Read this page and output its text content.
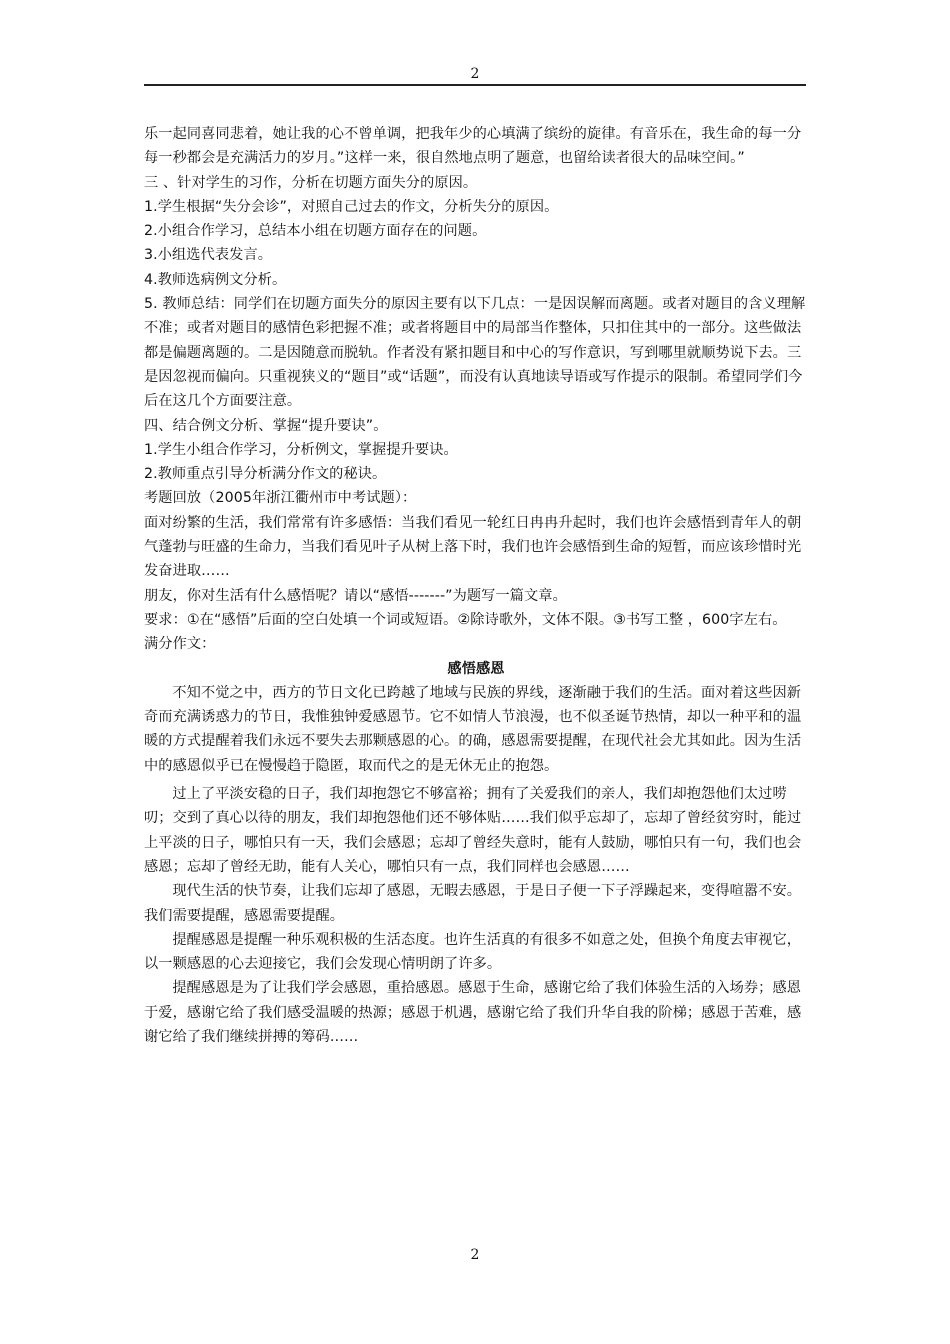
2

乐一起同喜同悲着，她让我的心不曾单调，把我年少的心填满了缤纷的旋律。有音乐在，我生命的每一分每一秒都会是充满活力的岁月。”这样一来，很自然地点明了题意，也留给读者很大的品味空间。”

三 、针对学生的习作，分析在切题方面失分的原因。

1.学生根据“失分会诊”，对照自己过去的作文，分析失分的原因。

2.小组合作学习，总结本小组在切题方面存在的问题。

3.小组选代表发言。

4.教师选病例文分析。

5. 教师总结：同学们在切题方面失分的原因主要有以下几点：一是因误解而离题。或者对题目的含义理解不准；或者对题目的感情色彩把握不准；或者将题目中的局部当作整体，只扣住其中的一部分。这些做法都是偏题离题的。二是因随意而脱轨。作者没有紧扣题目和中心的写作意识，写到哪里就顺势说下去。三是因忽视而偏向。只重视狭义的“题目”或“话题”，而没有认真地读导语或写作提示的限制。希望同学们今后在这几个方面要注意。

四、结合例文分析、掌握“提升要诀”。

1.学生小组合作学习，分析例文，掌握提升要诀。

2.教师重点引导分析满分作文的秘诀。

考题回放（2005年浙江衢州市中考试题）：

面对纷繁的生活，我们常常有许多感悟：当我们看见一轮红日冉冉升起时，我们也许会感悟到青年人的朝气蓬勃与旺盛的生命力，当我们看见叶子从树上落下时，我们也许会感悟到生命的短暂，而应该珍惜时光发奋进取……

朋友，你对生活有什么感悟呢？请以“感悟-------”为题写一篇文章。

要求：①在“感悟”后面的空白处填一个词或短语。②除诗歌外，文体不限。③书写工整 ，600字左右。

满分作文：

感悟感恩

不知不觉之中，西方的节日文化已跨越了地域与民族的界线，逐渐融于我们的生活。面对着这些因新奇而充满诱惑力的节日，我惟独钟爱感恩节。它不如情人节浪漫，也不似圣诞节热情，却以一种平和的温暖的方式提醒着我们永远不要失去那颗感恩的心。的确，感恩需要提醒，在现代社会尤其如此。因为生活中的感恩似乎已在慢慢趋于隐匿，取而代之的是无休无止的抱怨。

过上了平淡安稳的日子，我们却抱怨它不够富裕；拥有了关爱我们的亲人，我们却抱怨他们太过唠叨；交到了真心以待的朋友，我们却抱怨他们还不够体贴……我们似乎忘却了，忘却了曾经贫穷时，能过上平淡的日子，哪怕只有一天，我们会感恩；忘却了曾经失意时，能有人鼓励，哪怕只有一句，我们也会感恩；忘却了曾经无助，能有人关心，哪怕只有一点，我们同样也会感恩……

现代生活的快节奏，让我们忘却了感恩，无暇去感恩，于是日子便一下子浮躁起来，变得喧嚣不安。我们需要提醒，感恩需要提醒。

提醒感恩是提醒一种乐观积极的生活态度。也许生活真的有很多不如意之处，但换个角度去审视它，以一颗感恩的心去迎接它，我们会发现心情明朗了许多。

提醒感恩是为了让我们学会感恩，重拾感恩。感恩于生命，感谢它给了我们体验生活的入场券；感恩于爱，感谢它给了我们感受温暖的热源；感恩于机遇，感谢它给了我们升华自我的阶梯；感恩于苦难，感谢它给了我们继续拼搏的筹码……

2
